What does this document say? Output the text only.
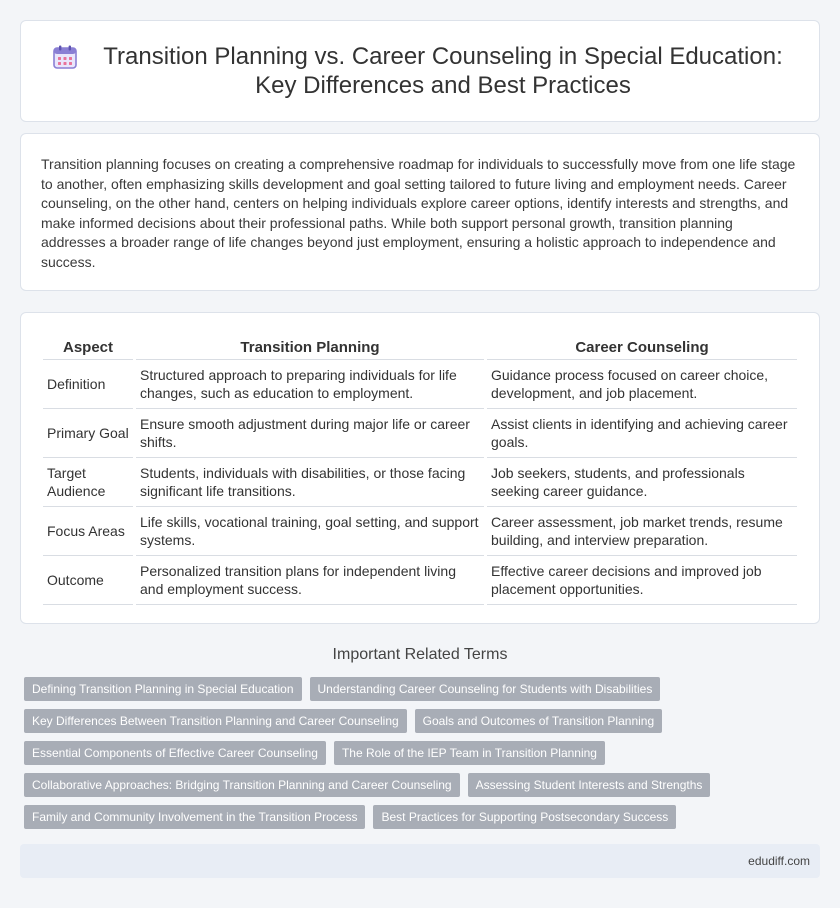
Transition Planning vs. Career Counseling in Special Education: Key Differences and Best Practices

Transition planning focuses on creating a comprehensive roadmap for individuals to successfully move from one life stage to another, often emphasizing skills development and goal setting tailored to future living and employment needs. Career counseling, on the other hand, centers on helping individuals explore career options, identify interests and strengths, and make informed decisions about their professional paths. While both support personal growth, transition planning addresses a broader range of life changes beyond just employment, ensuring a holistic approach to independence and success.

Aspect	Transition Planning	Career Counseling
Definition	Structured approach to preparing individuals for life changes, such as education to employment.	Guidance process focused on career choice, development, and job placement.
Primary Goal	Ensure smooth adjustment during major life or career shifts.	Assist clients in identifying and achieving career goals.
Target Audience	Students, individuals with disabilities, or those facing significant life transitions.	Job seekers, students, and professionals seeking career guidance.
Focus Areas	Life skills, vocational training, goal setting, and support systems.	Career assessment, job market trends, resume building, and interview preparation.
Outcome	Personalized transition plans for independent living and employment success.	Effective career decisions and improved job placement opportunities.
Important Related Terms
Defining Transition Planning in Special Education	Understanding Career Counseling for Students with Disabilities
Key Differences Between Transition Planning and Career Counseling	Goals and Outcomes of Transition Planning
Essential Components of Effective Career Counseling	The Role of the IEP Team in Transition Planning
Collaborative Approaches: Bridging Transition Planning and Career Counseling	Assessing Student Interests and Strengths
Family and Community Involvement in the Transition Process	Best Practices for Supporting Postsecondary Success
edudiff.com
